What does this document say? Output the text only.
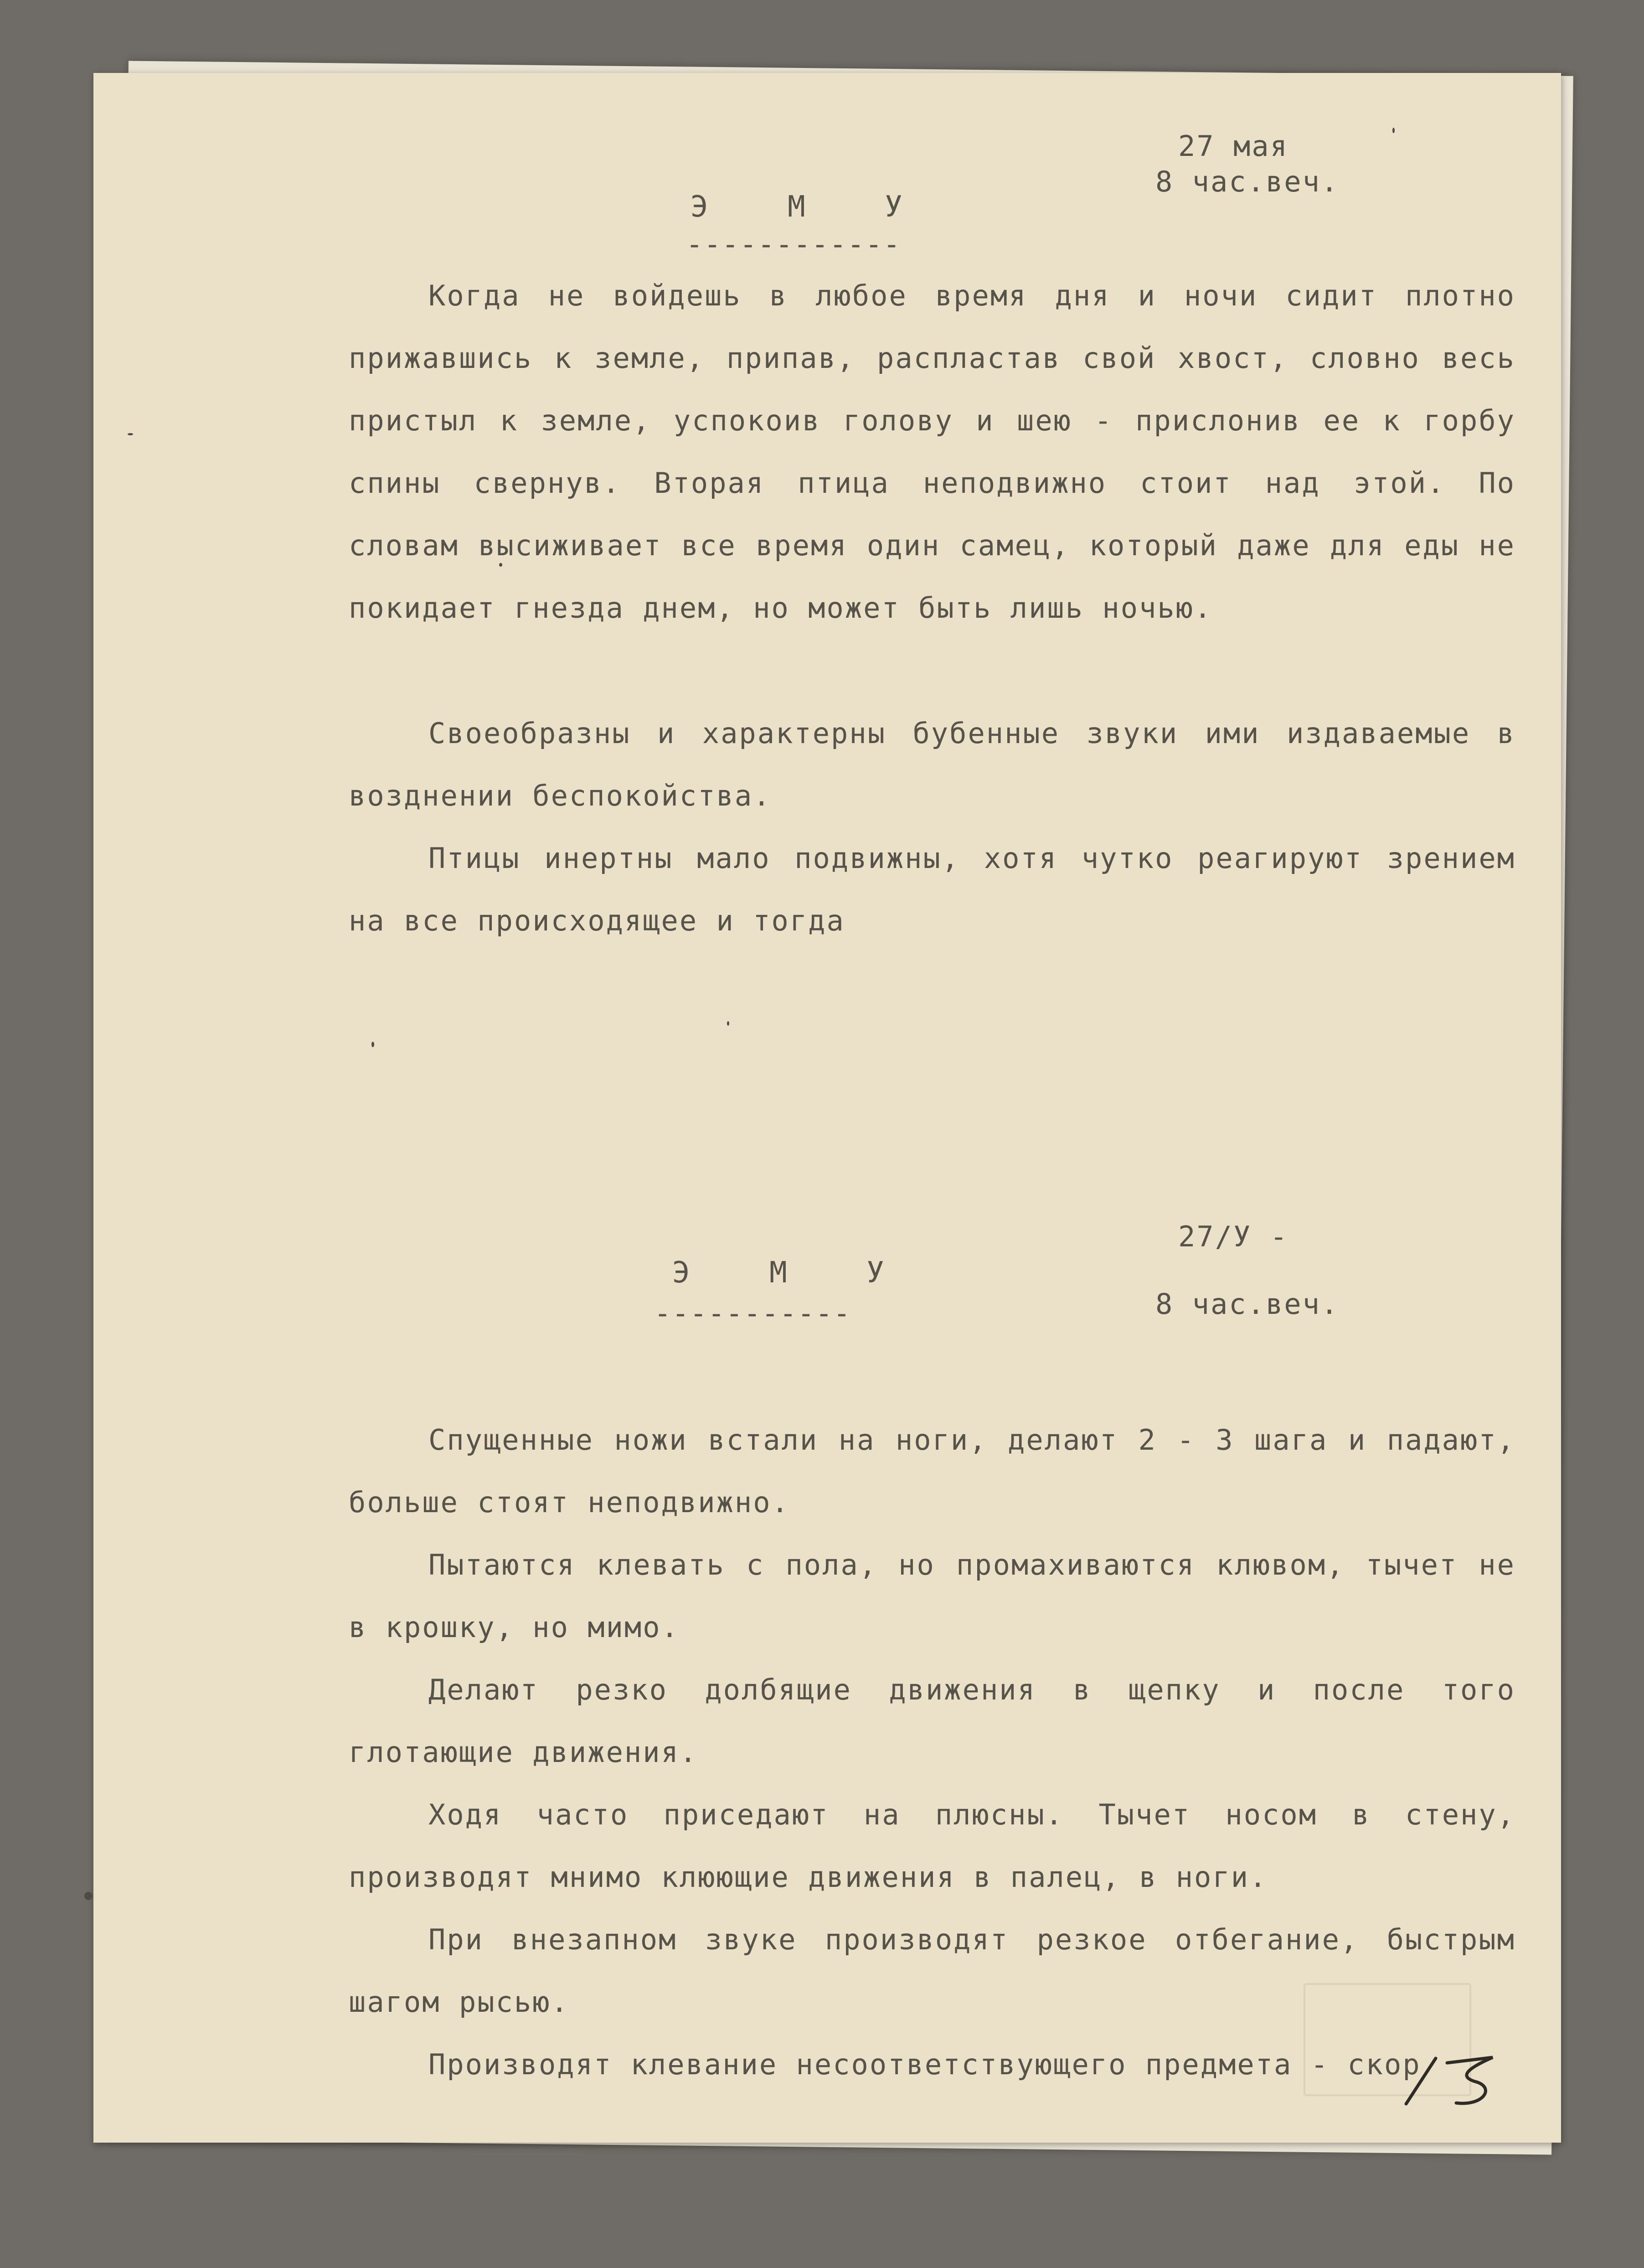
27 мая
8 час.веч.
Э М У
------------

Когда не войдешь в любое время дня и ночи сидит плотно прижавшись к земле, припав, распластав свой хвост, словно весь пристыл к земле, успокоив голову и шею - прислонив ее к горбу спины свернув. Вторая птица неподвижно стоит над этой. По словам высиживает все время один самец, который даже для еды не покидает гнезда днем, но может быть лишь ночью.

Своеобразны и характерны бубенные звуки ими издаваемые в возднении беспокойства.

Птицы инертны мало подвижны, хотя чутко реагируют зрением на все происходящее и тогда

27/У -
Э М У
8 час.веч.
-----------

Спущенные ножи встали на ноги, делают 2 - 3 шага и падают, больше стоят неподвижно.

Пытаются клевать с пола, но промахиваются клювом, тычет не в крошку, но мимо.

Делают резко долбящие движения в щепку и после того глотающие движения.

Ходя часто приседают на плюсны. Тычет носом в стену, производят мнимо клюющие движения в палец, в ноги.

При внезапном звуке производят резкое отбегание, быстрым шагом рысью.

Производят клевание несоответствующего предмета - скор
